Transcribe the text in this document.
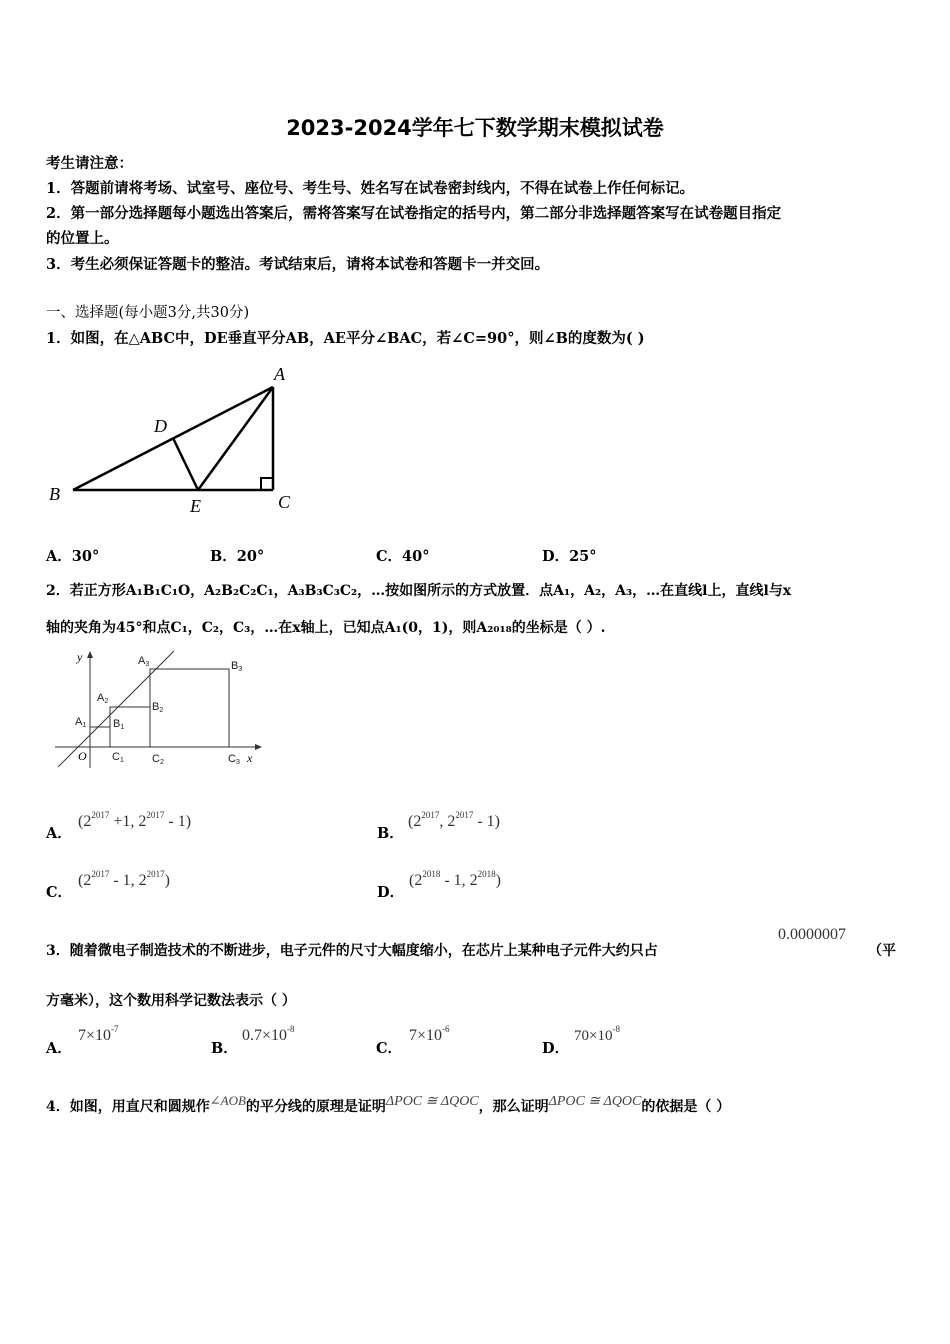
2023-2024学年七下数学期末模拟试卷
考生请注意：
1．答题前请将考场、试室号、座位号、考生号、姓名写在试卷密封线内，不得在试卷上作任何标记。
2．第一部分选择题每小题选出答案后，需将答案写在试卷指定的括号内，第二部分非选择题答案写在试卷题目指定
的位置上。
3．考生必须保证答题卡的整洁。考试结束后，请将本试卷和答题卡一并交回。
一、选择题(每小题3分,共30分)
1．如图，在△ABC中，DE垂直平分AB，AE平分∠BAC，若∠C=90°，则∠B的度数为( )
A
B	C
D
E
A．30°	B．20°	C．40°	D．25°
2．若正方形A₁B₁C₁O，A₂B₂C₂C₁，A₃B₃C₃C₂，…按如图所示的方式放置．点A₁，A₂，A₃，…在直线l上，直线l与x
轴的夹角为45°和点C₁，C₂，C₃，…在x轴上，已知点A₁(0，1)，则A₂₀₁₈的坐标是（ ）.
y
x
O
A1
A2
A3
B1
B2
B3
C1	C2	C3
A．
($2^{2017} +1$, $2^{2017} - 1$)
B．
($2^{2017}$, $2^{2017} - 1$)
C．
($2^{2017} - 1$, $2^{2017}$)
D．
($2^{2018} - 1$, $2^{2018}$)
3．随着微电子制造技术的不断进步，电子元件的尺寸大幅度缩小，在芯片上某种电子元件大约只占
0.0000007
（平
方毫米），这个数用科学记数法表示（ ）
A．
$7\times 10^{-7}$
B．
$0.7\times 10^{-8}$
C．
$7\times 10^{-6}$
D．
$70\times 10^{-8}$
4．如图，用直尺和圆规作∠AOB的平分线的原理是证明ΔPOC ≅ ΔQOC，那么证明ΔPOC ≅ ΔQOC的依据是（ ）
